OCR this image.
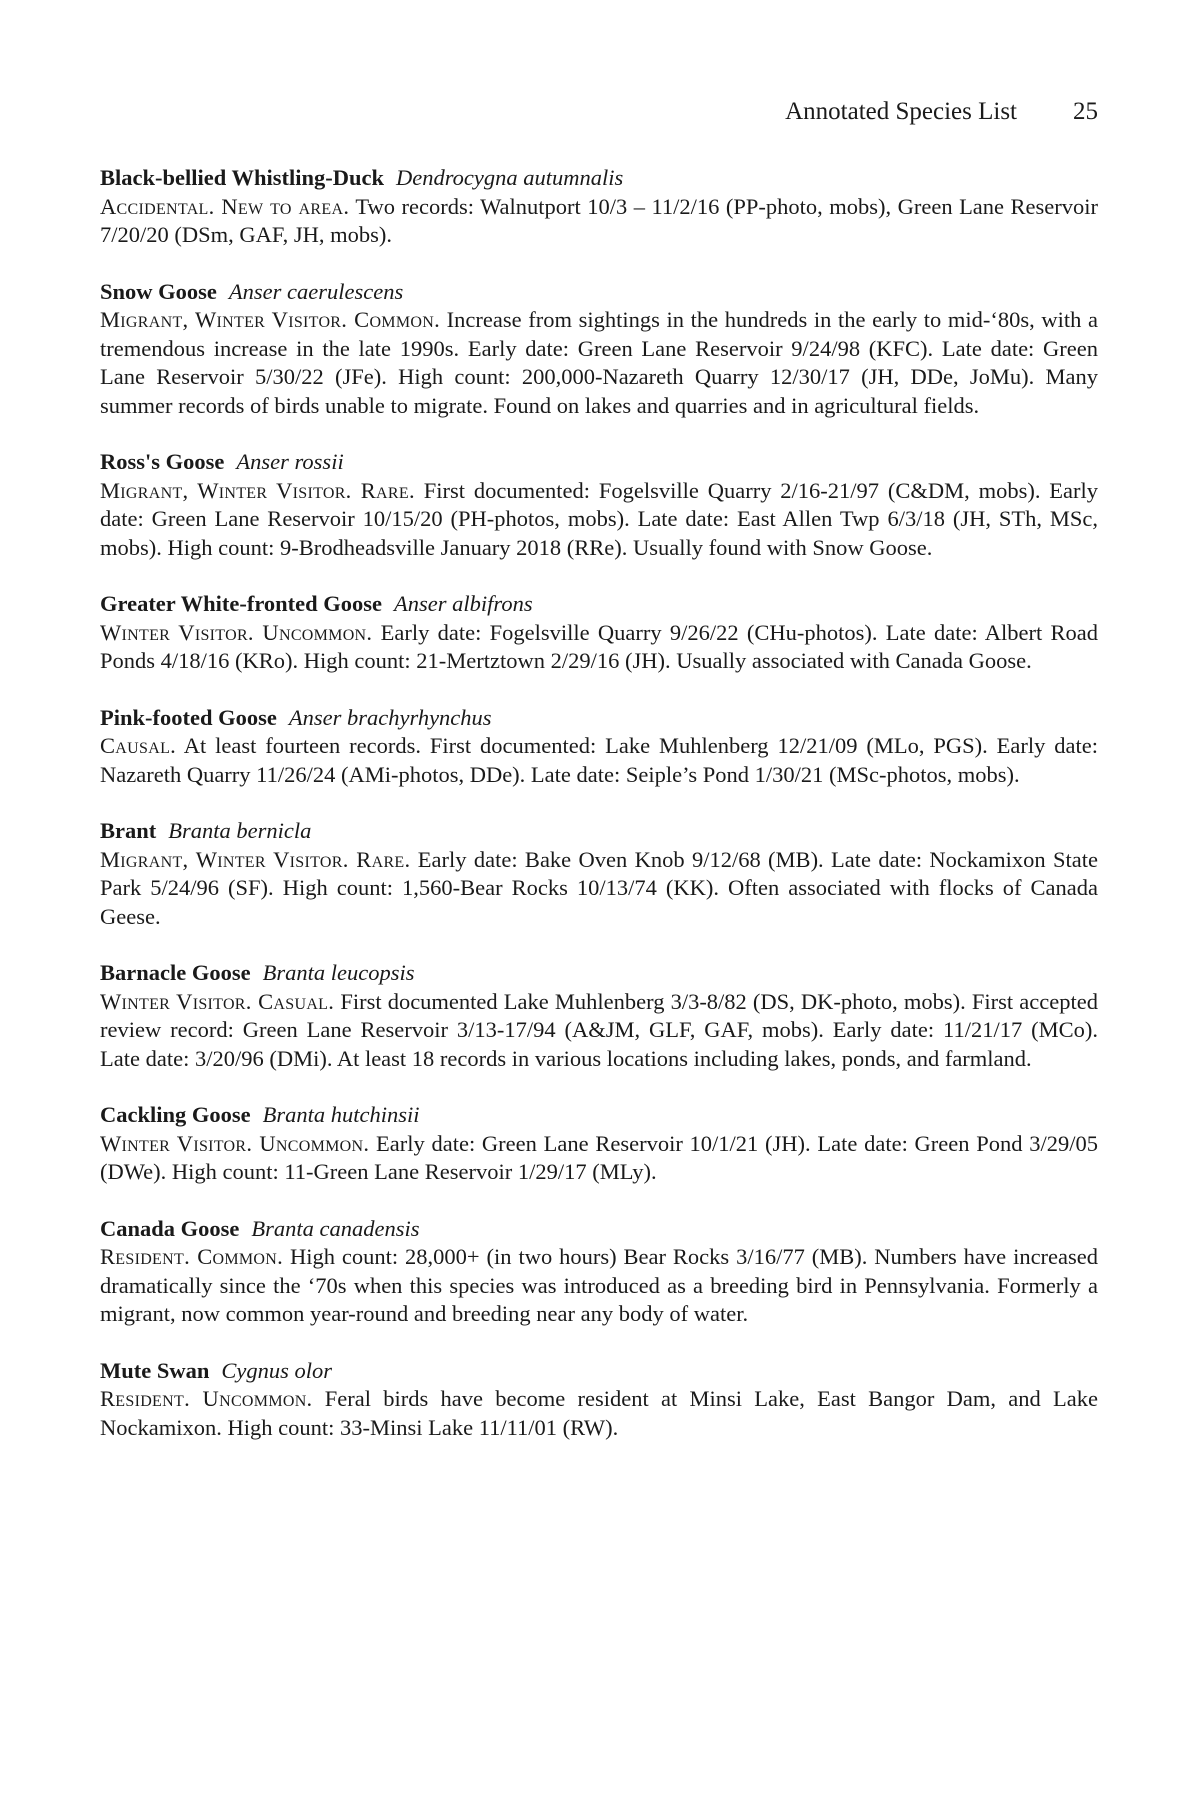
Annotated Species List 25
Black-bellied Whistling-Duck Dendrocygna autumnalis
Accidental. New to area. Two records: Walnutport 10/3 – 11/2/16 (PP-photo, mobs), Green Lane Reservoir 7/20/20 (DSm, GAF, JH, mobs).
Snow Goose Anser caerulescens
Migrant, Winter Visitor. Common. Increase from sightings in the hundreds in the early to mid-‘80s, with a tremendous increase in the late 1990s. Early date: Green Lane Reservoir 9/24/98 (KFC). Late date: Green Lane Reservoir 5/30/22 (JFe). High count: 200,000-Nazareth Quarry 12/30/17 (JH, DDe, JoMu). Many summer records of birds unable to migrate. Found on lakes and quarries and in agricultural fields.
Ross's Goose Anser rossii
Migrant, Winter Visitor. Rare. First documented: Fogelsville Quarry 2/16-21/97 (C&DM, mobs). Early date: Green Lane Reservoir 10/15/20 (PH-photos, mobs). Late date: East Allen Twp 6/3/18 (JH, STh, MSc, mobs). High count: 9-Brodheadsville January 2018 (RRe). Usually found with Snow Goose.
Greater White-fronted Goose Anser albifrons
Winter Visitor. Uncommon. Early date: Fogelsville Quarry 9/26/22 (CHu-photos). Late date: Albert Road Ponds 4/18/16 (KRo). High count: 21-Mertztown 2/29/16 (JH). Usually associated with Canada Goose.
Pink-footed Goose Anser brachyrhynchus
Causal. At least fourteen records. First documented: Lake Muhlenberg 12/21/09 (MLo, PGS). Early date: Nazareth Quarry 11/26/24 (AMi-photos, DDe). Late date: Seiple’s Pond 1/30/21 (MSc-photos, mobs).
Brant Branta bernicla
Migrant, Winter Visitor. Rare. Early date: Bake Oven Knob 9/12/68 (MB). Late date: Nockamixon State Park 5/24/96 (SF). High count: 1,560-Bear Rocks 10/13/74 (KK). Often associated with flocks of Canada Geese.
Barnacle Goose Branta leucopsis
Winter Visitor. Casual. First documented Lake Muhlenberg 3/3-8/82 (DS, DK-photo, mobs). First accepted review record: Green Lane Reservoir 3/13-17/94 (A&JM, GLF, GAF, mobs). Early date: 11/21/17 (MCo). Late date: 3/20/96 (DMi). At least 18 records in various locations including lakes, ponds, and farmland.
Cackling Goose Branta hutchinsii
Winter Visitor. Uncommon. Early date: Green Lane Reservoir 10/1/21 (JH). Late date: Green Pond 3/29/05 (DWe). High count: 11-Green Lane Reservoir 1/29/17 (MLy).
Canada Goose Branta canadensis
Resident. Common. High count: 28,000+ (in two hours) Bear Rocks 3/16/77 (MB). Numbers have increased dramatically since the ‘70s when this species was introduced as a breeding bird in Pennsylvania. Formerly a migrant, now common year-round and breeding near any body of water.
Mute Swan Cygnus olor
Resident. Uncommon. Feral birds have become resident at Minsi Lake, East Bangor Dam, and Lake Nockamixon. High count: 33-Minsi Lake 11/11/01 (RW).
